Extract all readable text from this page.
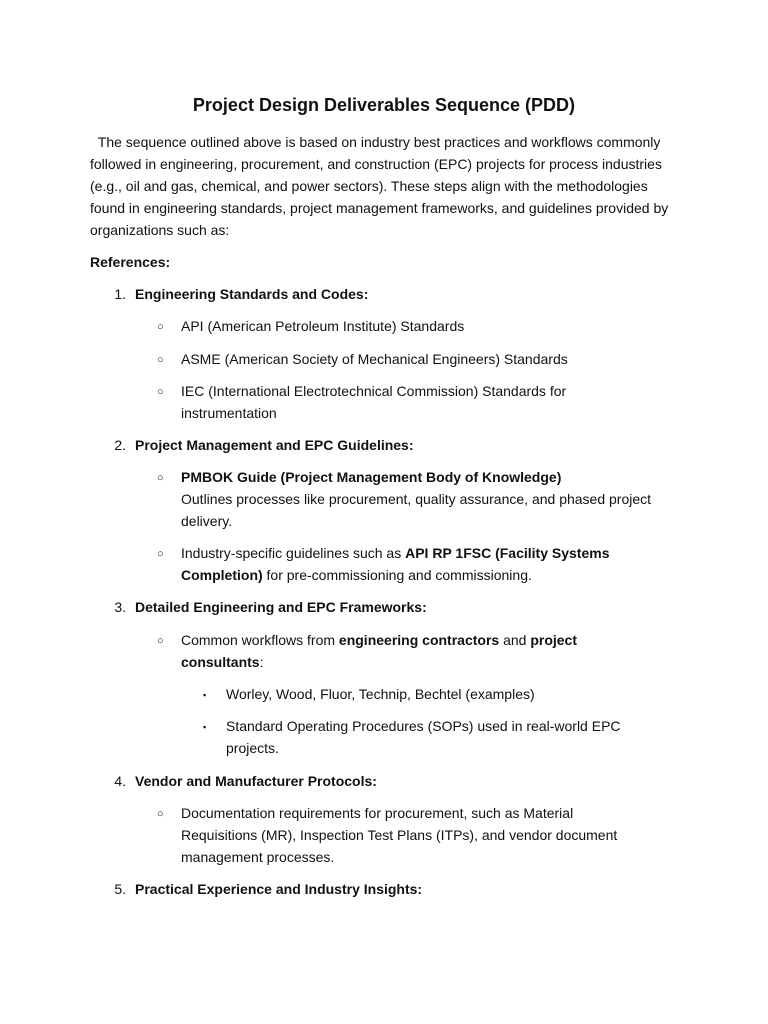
Project Design Deliverables Sequence (PDD)

The sequence outlined above is based on industry best practices and workflows commonly followed in engineering, procurement, and construction (EPC) projects for process industries (e.g., oil and gas, chemical, and power sectors). These steps align with the methodologies found in engineering standards, project management frameworks, and guidelines provided by organizations such as:

References:

1. Engineering Standards and Codes:
○ API (American Petroleum Institute) Standards
○ ASME (American Society of Mechanical Engineers) Standards
○ IEC (International Electrotechnical Commission) Standards for instrumentation
2. Project Management and EPC Guidelines:
○ PMBOK Guide (Project Management Body of Knowledge)
Outlines processes like procurement, quality assurance, and phased project delivery.
○ Industry-specific guidelines such as API RP 1FSC (Facility Systems Completion) for pre-commissioning and commissioning.
3. Detailed Engineering and EPC Frameworks:
○ Common workflows from engineering contractors and project consultants:
▪ Worley, Wood, Fluor, Technip, Bechtel (examples)
▪ Standard Operating Procedures (SOPs) used in real-world EPC projects.
4. Vendor and Manufacturer Protocols:
○ Documentation requirements for procurement, such as Material Requisitions (MR), Inspection Test Plans (ITPs), and vendor document management processes.
5. Practical Experience and Industry Insights:
